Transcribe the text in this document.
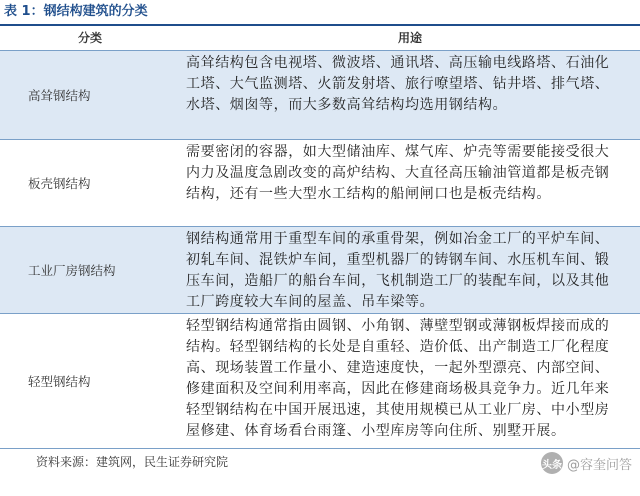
表 1：钢结构建筑的分类
分类	用途
高耸钢结构
高耸结构包含电视塔、微波塔、通讯塔、高压输电线路塔、石油化工塔、大气监测塔、火箭发射塔、旅行嘹望塔、钻井塔、排气塔、水塔、烟囱等，而大多数高耸结构均选用钢结构。
板壳钢结构
需要密闭的容器，如大型储油库、煤气库、炉壳等需要能接受很大内力及温度急剧改变的高炉结构、大直径高压输油管道都是板壳钢结构，还有一些大型水工结构的船闸闸口也是板壳结构。
工业厂房钢结构
钢结构通常用于重型车间的承重骨架，例如冶金工厂的平炉车间、初轧车间、混铁炉车间，重型机器厂的铸钢车间、水压机车间、锻压车间，造船厂的船台车间，飞机制造工厂的装配车间，以及其他工厂跨度较大车间的屋盖、吊车梁等。
轻型钢结构
轻型钢结构通常指由圆钢、小角钢、薄壁型钢或薄钢板焊接而成的结构。轻型钢结构的长处是自重轻、造价低、出产制造工厂化程度高、现场装置工作量小、建造速度快，一起外型漂亮、内部空间、修建面积及空间利用率高，因此在修建商场极具竞争力。近几年来轻型钢结构在中国开展迅速，其使用规模已从工业厂房、中小型房屋修建、体育场看台雨篷、小型库房等向住所、别墅开展。
资料来源：建筑网，民生证券研究院	头条 @容奎问答
